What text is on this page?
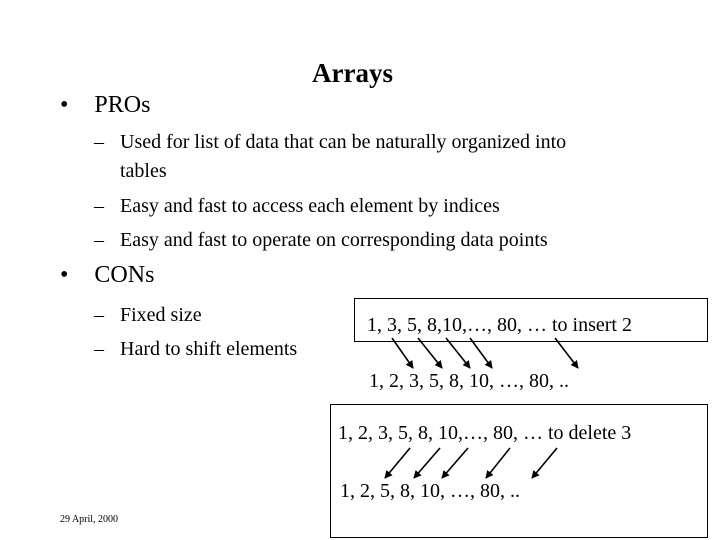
Arrays
• PROs
– Used for list of data that can be naturally organized into
tables
– Easy and fast to access each element by indices
– Easy and fast to operate on corresponding data points
• CONs
– Fixed size
– Hard to shift elements
1, 3, 5, 8,10,…, 80, … to insert 2
1, 2, 3, 5, 8, 10, …, 80, ..
1, 2, 3, 5, 8, 10,…, 80, … to delete 3
1, 2, 5, 8, 10, …, 80, ..
29 April, 2000
